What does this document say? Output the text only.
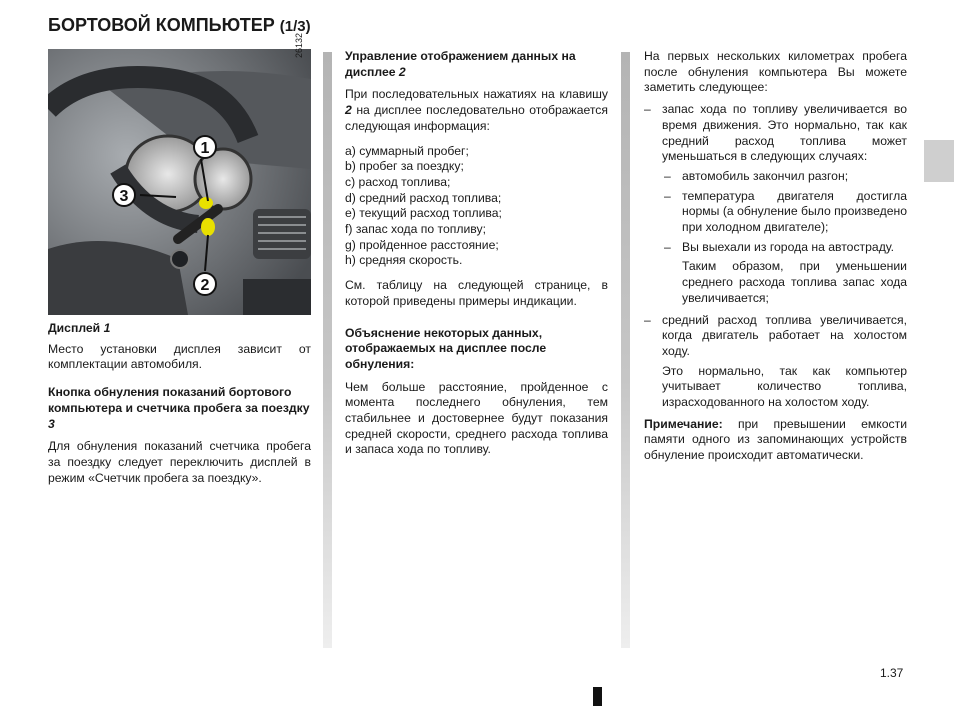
БОРТОВОЙ КОМПЬЮТЕР (1/3)
1
2
3
Дисплей 1
Место установки дисплея зависит от комплектации автомобиля.
Кнопка обнуления показаний бортового компьютера и счетчика пробега за поездку 3
Для обнуления показаний счетчика пробега за поездку следует переключить дисплей в режим «Счетчик пробега за поездку».
26132	Управление отображением данных на дисплее 2
При последовательных нажатиях на клавишу 2 на дисплее последовательно отображается следующая информация:
a) суммарный пробег;
b) пробег за поездку;
c) расход топлива;
d) средний расход топлива;
e) текущий расход топлива;
f) запас хода по топливу;
g) пройденное расстояние;
h) средняя скорость.
См. таблицу на следующей странице, в которой приведены примеры индикации.
Объяснение некоторых данных, отображаемых на дисплее после обнуления:
Чем больше расстояние, пройденное с момента последнего обнуления, тем стабильнее и достовернее будут показания средней скорости, среднего расхода топлива и запаса хода по топливу.
На первых нескольких километрах пробега после обнуления компьютера Вы можете заметить следующее:
– запас хода по топливу увеличивается во время движения. Это нормально, так как средний расход топлива может уменьшаться в следующих случаях:
– автомобиль закончил разгон;
– температура двигателя достигла нормы (а обнуление было произведено при холодном двигателе);
– Вы выехали из города на автостраду.
Таким образом, при уменьшении среднего расхода топлива запас хода увеличивается;
– средний расход топлива увеличивается, когда двигатель работает на холостом ходу.
Это нормально, так как компьютер учитывает количество топлива, израсходованного на холостом ходу.
Примечание: при превышении емкости памяти одного из запоминающих устройств обнуление происходит автоматически.
1.37
